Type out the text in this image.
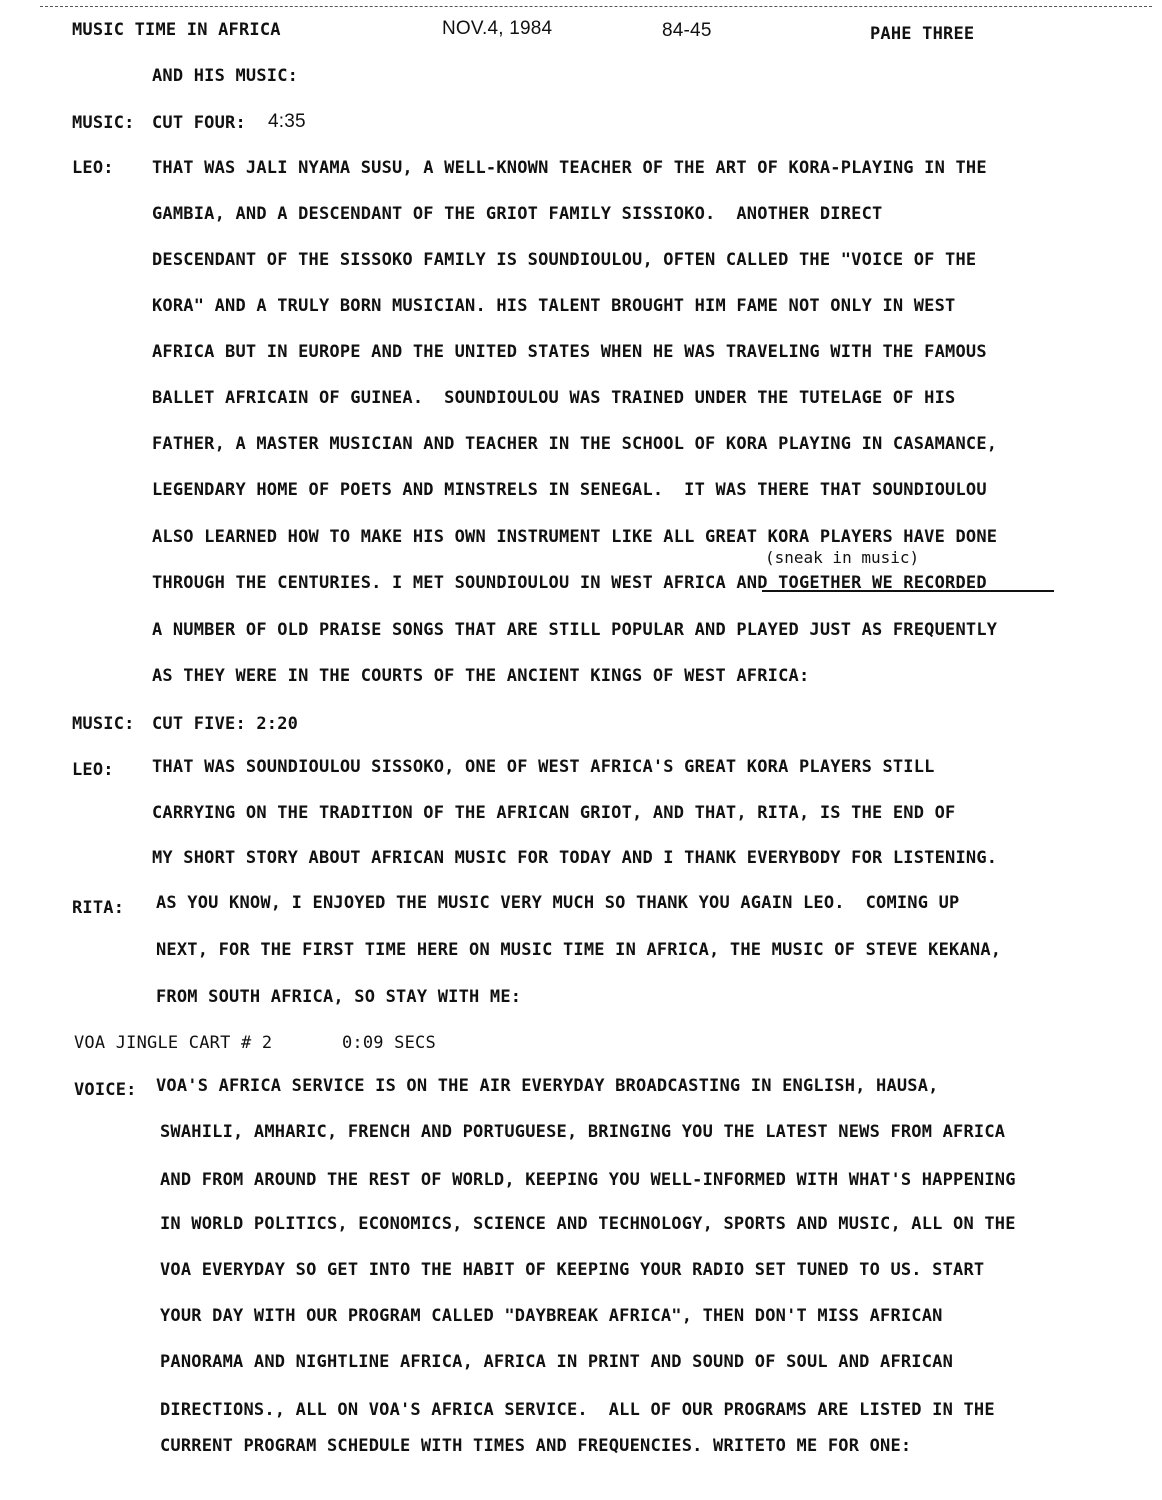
MUSIC TIME IN AFRICA	NOV.4, 1984	84-45	PAHE THREE
AND HIS MUSIC:
MUSIC: CUT FOUR: 4:35
LEO: THAT WAS JALI NYAMA SUSU, A WELL-KNOWN TEACHER OF THE ART OF KORA-PLAYING IN THE
GAMBIA, AND A DESCENDANT OF THE GRIOT FAMILY SISSIOKO.  ANOTHER DIRECT
DESCENDANT OF THE SISSOKO FAMILY IS SOUNDIOULOU, OFTEN CALLED THE "VOICE OF THE
KORA" AND A TRULY BORN MUSICIAN. HIS TALENT BROUGHT HIM FAME NOT ONLY IN WEST
AFRICA BUT IN EUROPE AND THE UNITED STATES WHEN HE WAS TRAVELING WITH THE FAMOUS
BALLET AFRICAIN OF GUINEA.  SOUNDIOULOU WAS TRAINED UNDER THE TUTELAGE OF HIS
FATHER, A MASTER MUSICIAN AND TEACHER IN THE SCHOOL OF KORA PLAYING IN CASAMANCE,
LEGENDARY HOME OF POETS AND MINSTRELS IN SENEGAL.  IT WAS THERE THAT SOUNDIOULOU
ALSO LEARNED HOW TO MAKE HIS OWN INSTRUMENT LIKE ALL GREAT KORA PLAYERS HAVE DONE
(sneak in music)
THROUGH THE CENTURIES. I MET SOUNDIOULOU IN WEST AFRICA AND TOGETHER WE RECORDED
A NUMBER OF OLD PRAISE SONGS THAT ARE STILL POPULAR AND PLAYED JUST AS FREQUENTLY
AS THEY WERE IN THE COURTS OF THE ANCIENT KINGS OF WEST AFRICA:
MUSIC: CUT FIVE: 2:20
LEO: THAT WAS SOUNDIOULOU SISSOKO, ONE OF WEST AFRICA'S GREAT KORA PLAYERS STILL
CARRYING ON THE TRADITION OF THE AFRICAN GRIOT, AND THAT, RITA, IS THE END OF
MY SHORT STORY ABOUT AFRICAN MUSIC FOR TODAY AND I THANK EVERYBODY FOR LISTENING.
RITA: AS YOU KNOW, I ENJOYED THE MUSIC VERY MUCH SO THANK YOU AGAIN LEO.  COMING UP
NEXT, FOR THE FIRST TIME HERE ON MUSIC TIME IN AFRICA, THE MUSIC OF STEVE KEKANA,
FROM SOUTH AFRICA, SO STAY WITH ME:
VOA JINGLE CART # 2	0:09 SECS
VOICE: VOA'S AFRICA SERVICE IS ON THE AIR EVERYDAY BROADCASTING IN ENGLISH, HAUSA,
SWAHILI, AMHARIC, FRENCH AND PORTUGUESE, BRINGING YOU THE LATEST NEWS FROM AFRICA
AND FROM AROUND THE REST OF WORLD, KEEPING YOU WELL-INFORMED WITH WHAT'S HAPPENING
IN WORLD POLITICS, ECONOMICS, SCIENCE AND TECHNOLOGY, SPORTS AND MUSIC, ALL ON THE
VOA EVERYDAY SO GET INTO THE HABIT OF KEEPING YOUR RADIO SET TUNED TO US. START
YOUR DAY WITH OUR PROGRAM CALLED "DAYBREAK AFRICA", THEN DON'T MISS AFRICAN
PANORAMA AND NIGHTLINE AFRICA, AFRICA IN PRINT AND SOUND OF SOUL AND AFRICAN
DIRECTIONS., ALL ON VOA'S AFRICA SERVICE.  ALL OF OUR PROGRAMS ARE LISTED IN THE
CURRENT PROGRAM SCHEDULE WITH TIMES AND FREQUENCIES. WRITETO ME FOR ONE:
